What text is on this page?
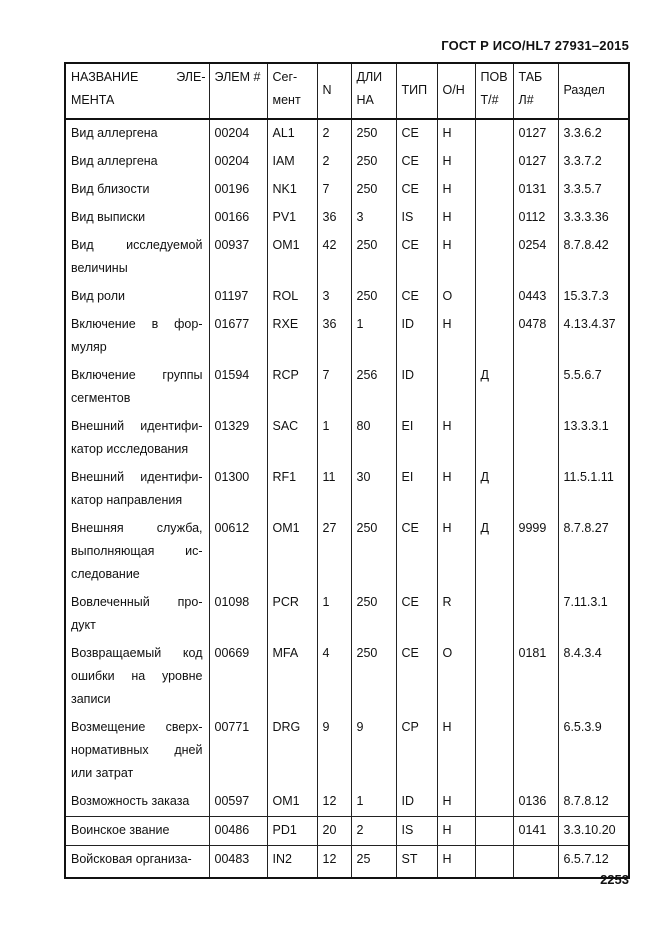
ГОСТ Р ИСО/HL7 27931–2015
НАЗВАНИЕ ЭЛЕ-МЕНТА	ЭЛЕМ #	Сег-мент	N	ДЛИ НА	ТИП	О/Н	ПОВ Т/#	ТАБ Л#	Раздел
Вид аллергена	00204	AL1	2	250	CE	Н		0127	3.3.6.2
Вид аллергена	00204	IAM	2	250	CE	Н		0127	3.3.7.2
Вид близости	00196	NK1	7	250	CE	Н		0131	3.3.5.7
Вид выписки	00166	PV1	36	3	IS	Н		0112	3.3.3.36
Вид исследуемой величины	00937	OM1	42	250	CE	Н		0254	8.7.8.42
Вид роли	01197	ROL	3	250	CE	О		0443	15.3.7.3
Включение в фор-муляр	01677	RXE	36	1	ID	Н		0478	4.13.4.37
Включение группы сегментов	01594	RCP	7	256	ID		Д		5.5.6.7
Внешний идентифи-катор исследования	01329	SAC	1	80	EI	Н			13.3.3.1
Внешний идентифи-катор направления	01300	RF1	11	30	EI	Н	Д		11.5.1.11
Внешняя служба, выполняющая ис-следование	00612	OM1	27	250	CE	Н	Д	9999	8.7.8.27
Вовлеченный про-дукт	01098	PCR	1	250	CE	R			7.11.3.1
Возвращаемый код ошибки на уровне записи	00669	MFA	4	250	CE	О		0181	8.4.3.4
Возмещение сверх-нормативных дней или затрат	00771	DRG	9	9	CP	Н			6.5.3.9
Возможность заказа	00597	OM1	12	1	ID	Н		0136	8.7.8.12
Воинское звание	00486	PD1	20	2	IS	Н		0141	3.3.10.20
Войсковая организа-	00483	IN2	12	25	ST	Н			6.5.7.12
2253
